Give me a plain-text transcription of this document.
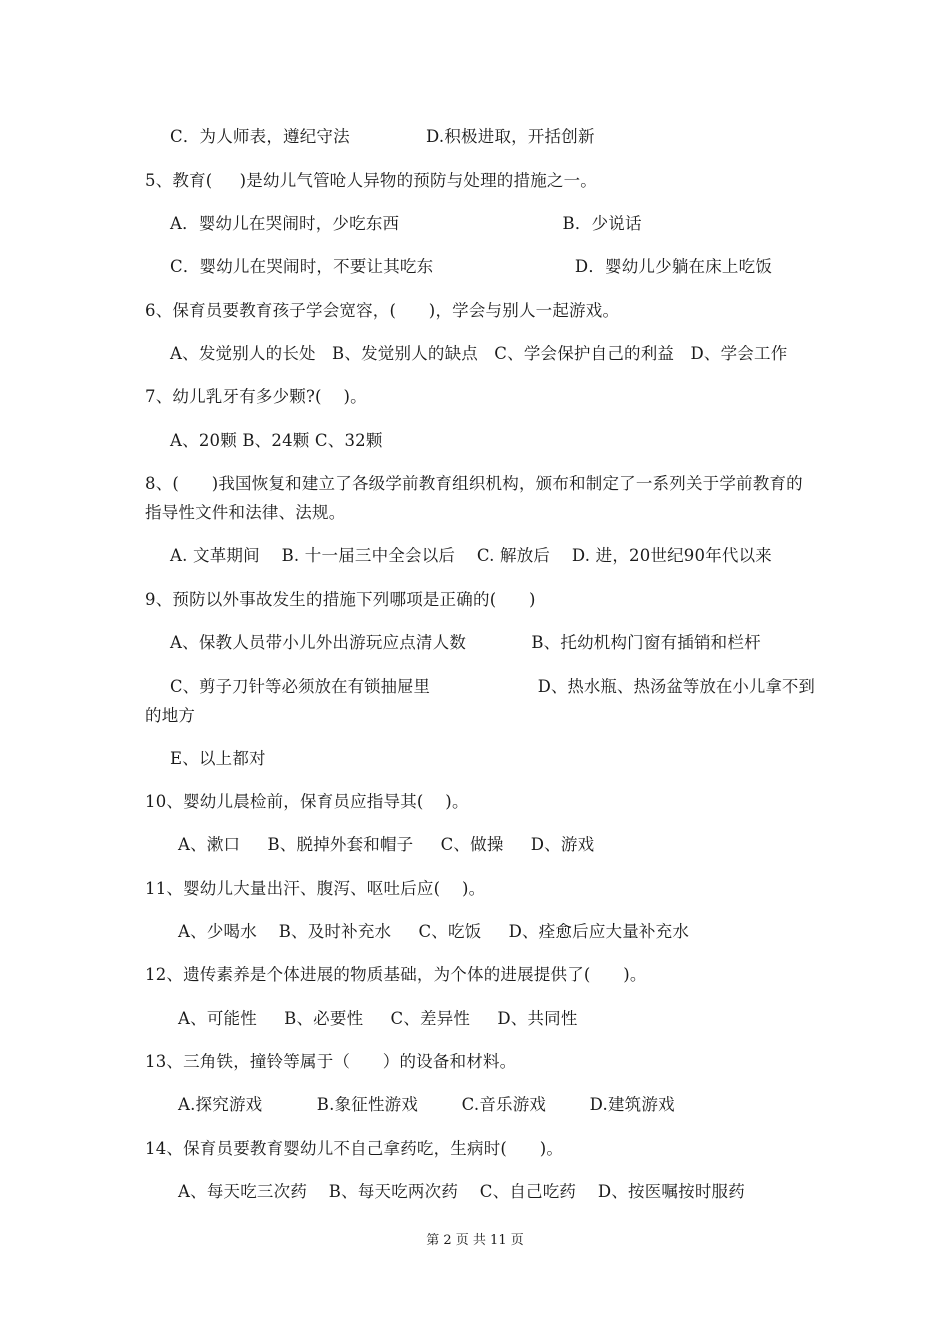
C．为人师表，遵纪守法              D.积极进取，开括创新
5、教育(     )是幼儿气管呛人异物的预防与处理的措施之一。
A．婴幼儿在哭闹时，少吃东西                              B．少说话
C．婴幼儿在哭闹时，不要让其吃东                          D．婴幼儿少躺在床上吃饭
6、保育员要教育孩子学会宽容，(      )，学会与别人一起游戏。
A、发觉别人的长处   B、发觉别人的缺点   C、学会保护自己的利益   D、学会工作
7、幼儿乳牙有多少颗?(    )。
A、20颗 B、24颗 C、32颗
8、(      )我国恢复和建立了各级学前教育组织机构，颁布和制定了一系列关于学前教育的
指导性文件和法律、法规。
A. 文革期间    B. 十一届三中全会以后    C. 解放后    D. 进，20世纪90年代以来
9、预防以外事故发生的措施下列哪项是正确的(      )
A、保教人员带小儿外出游玩应点清人数            B、托幼机构门窗有插销和栏杆
C、剪子刀针等必须放在有锁抽屉里                    D、热水瓶、热汤盆等放在小儿拿不到
的地方
E、以上都对
10、婴幼儿晨检前，保育员应指导其(    )。
A、漱口     B、脱掉外套和帽子     C、做操     D、游戏
11、婴幼儿大量出汗、腹泻、呕吐后应(    )。
A、少喝水    B、及时补充水     C、吃饭     D、痊愈后应大量补充水
12、遗传素养是个体进展的物质基础，为个体的进展提供了(      )。
A、可能性     B、必要性     C、差异性     D、共同性
13、三角铁，撞铃等属于（      ）的设备和材料。
A.探究游戏          B.象征性游戏        C.音乐游戏        D.建筑游戏
14、保育员要教育婴幼儿不自己拿药吃，生病时(      )。
A、每天吃三次药    B、每天吃两次药    C、自己吃药    D、按医嘱按时服药
第 2 页 共 11 页
